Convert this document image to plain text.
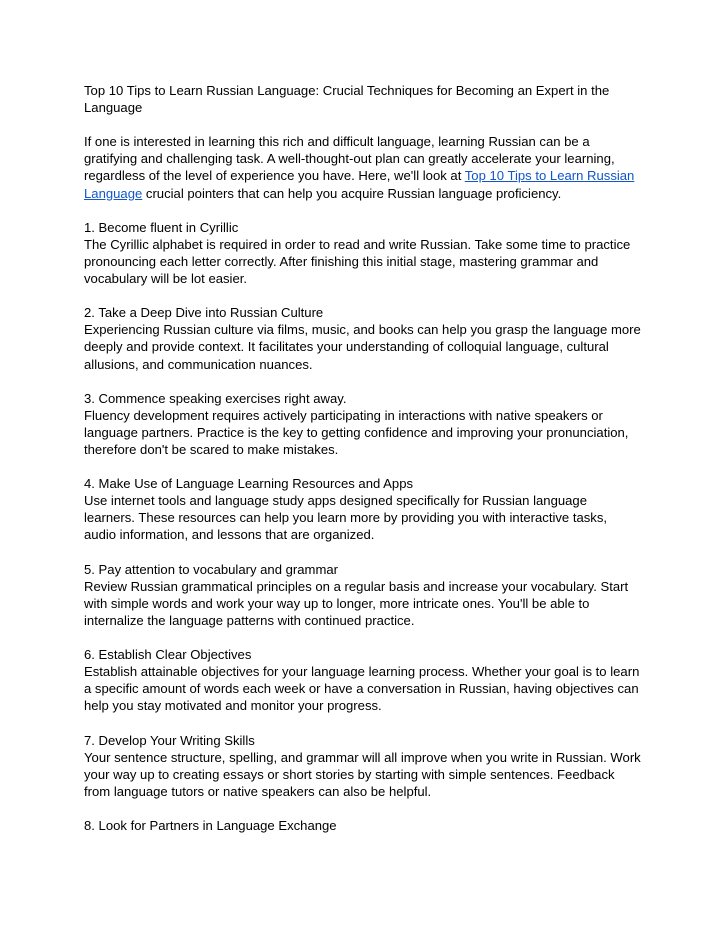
Top 10 Tips to Learn Russian Language: Crucial Techniques for Becoming an Expert in the
Language
If one is interested in learning this rich and difficult language, learning Russian can be a
gratifying and challenging task. A well-thought-out plan can greatly accelerate your learning,
regardless of the level of experience you have. Here, we'll look at Top 10 Tips to Learn Russian
Language crucial pointers that can help you acquire Russian language proficiency.
1. Become fluent in Cyrillic
The Cyrillic alphabet is required in order to read and write Russian. Take some time to practice
pronouncing each letter correctly. After finishing this initial stage, mastering grammar and
vocabulary will be lot easier.
2. Take a Deep Dive into Russian Culture
Experiencing Russian culture via films, music, and books can help you grasp the language more
deeply and provide context. It facilitates your understanding of colloquial language, cultural
allusions, and communication nuances.
3. Commence speaking exercises right away.
Fluency development requires actively participating in interactions with native speakers or
language partners. Practice is the key to getting confidence and improving your pronunciation,
therefore don't be scared to make mistakes.
4. Make Use of Language Learning Resources and Apps
Use internet tools and language study apps designed specifically for Russian language
learners. These resources can help you learn more by providing you with interactive tasks,
audio information, and lessons that are organized.
5. Pay attention to vocabulary and grammar
Review Russian grammatical principles on a regular basis and increase your vocabulary. Start
with simple words and work your way up to longer, more intricate ones. You'll be able to
internalize the language patterns with continued practice.
6. Establish Clear Objectives
Establish attainable objectives for your language learning process. Whether your goal is to learn
a specific amount of words each week or have a conversation in Russian, having objectives can
help you stay motivated and monitor your progress.
7. Develop Your Writing Skills
Your sentence structure, spelling, and grammar will all improve when you write in Russian. Work
your way up to creating essays or short stories by starting with simple sentences. Feedback
from language tutors or native speakers can also be helpful.
8. Look for Partners in Language Exchange
